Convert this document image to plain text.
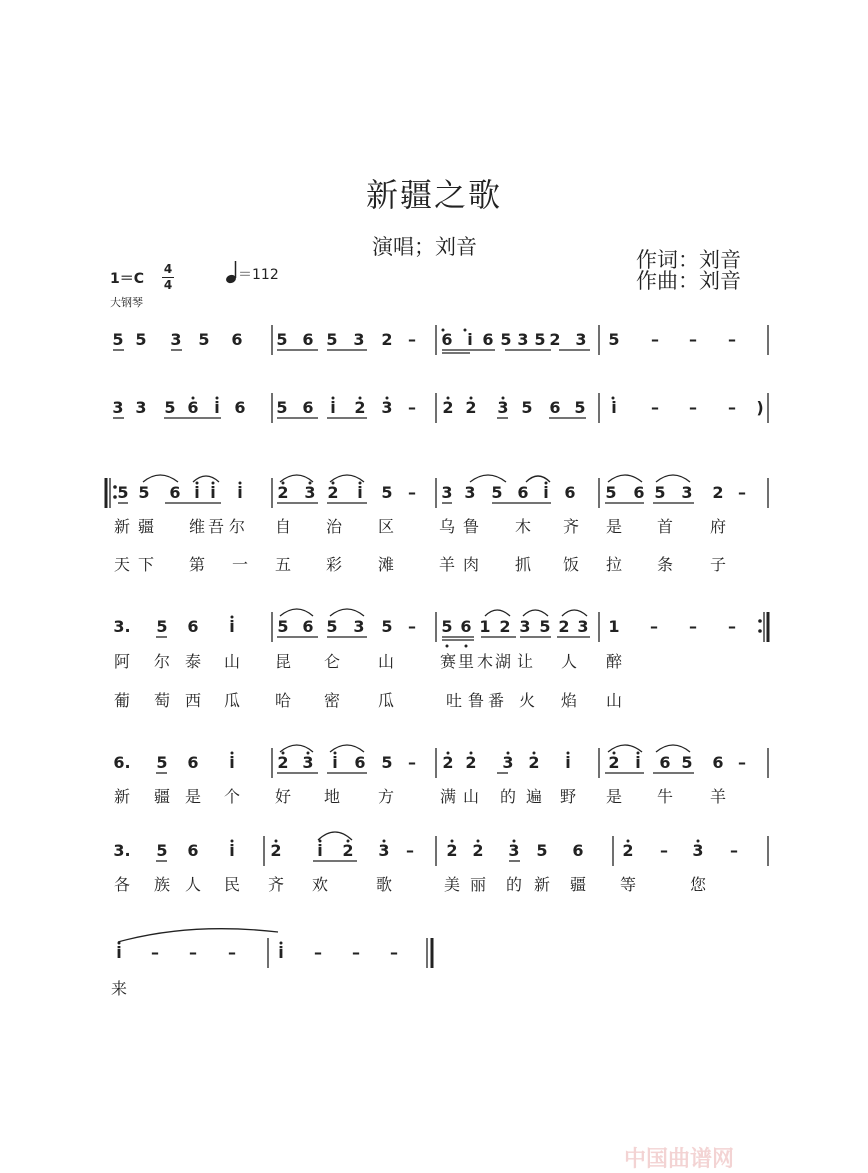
新疆之歌
演唱；刘音
作词：刘音
作曲：刘音
1＝C
4
4
＝112
大钢琴
5 5 3 5 6 5 6 5 3 2 – 6 i 6 5 3 5 2 3 5 – – –
3 3 5 6 i 6 5 6 i 2 3 – 2 2 3 5 6 5 i – – – )
5 5 6 i i i 2 3 2 i 5 – 3 3 5 6 i 6 5 6 5 3 2 –
3. 5 6 i	5 6 5 3 5 – 5 6 1 2 3 5 2 3 1 – – –
6. 5 6 i	2 3 i 6 5 – 2 2 3 2 i 2 i 6 5 6 –
3. 5 6 i 2 i 2 3 – 2 2 3 5 6 2 – 3 –
i – – –	i – – –
新 疆 维 吾 尔 自 治 区	乌 鲁 木 齐 是 首 府
天 下 第 一 五 彩 滩	羊 肉 抓 饭 拉 条 子
阿 尔 泰 山 昆 仑 山	赛 里 木 湖 让 人 醉
葡 萄 西 瓜 哈 密 瓜	吐 鲁 番 火 焰 山
新 疆 是 个 好 地 方	满 山 的 遍 野 是 牛 羊
各 族 人 民 齐 欢	歌	美 丽 的 新 疆 等	您
来
中国曲谱网
